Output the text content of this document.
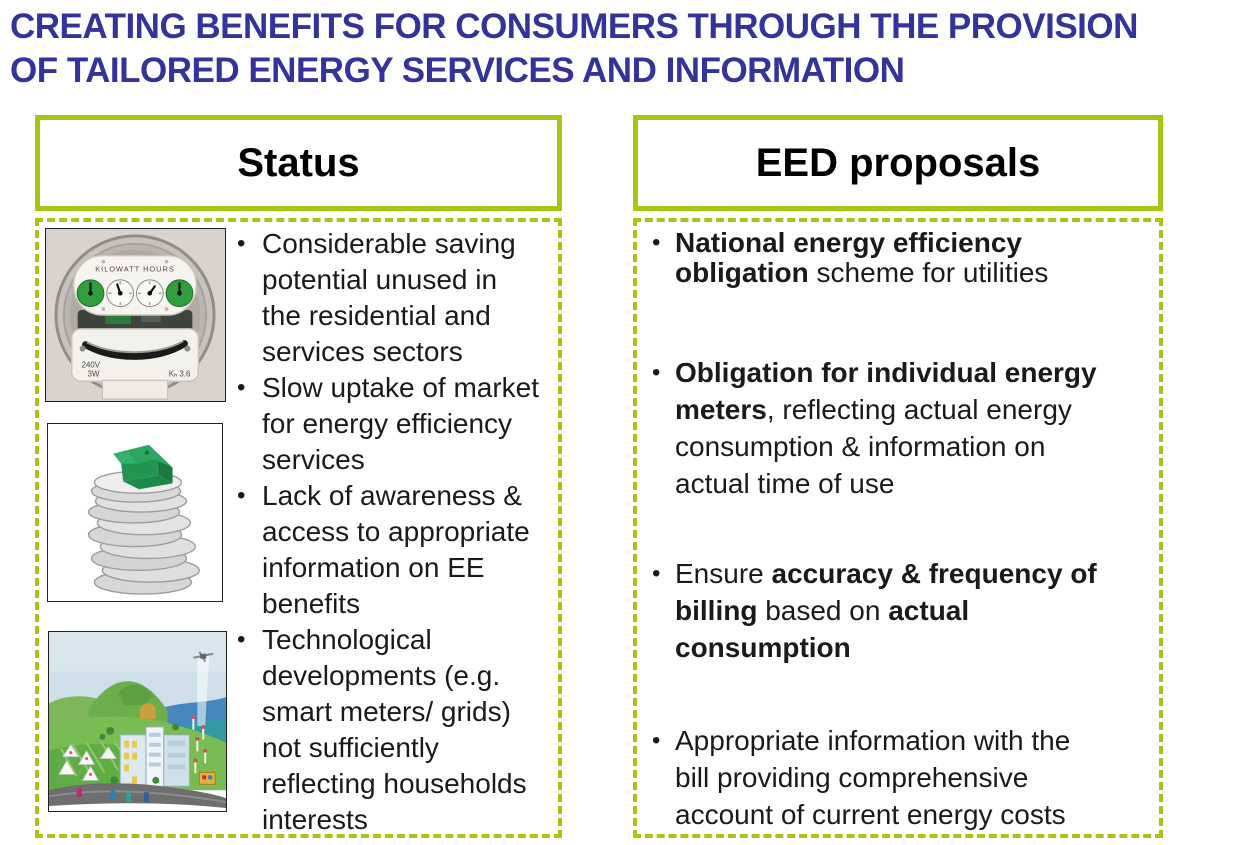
CREATING BENEFITS FOR CONSUMERS THROUGH THE PROVISION
OF TAILORED ENERGY SERVICES AND INFORMATION
Status	EED proposals
KILOWATT HOURS
240V
3W	Kₕ 3.6
• Considerable saving potential unused in the residential and services sectors
• Slow uptake of market for energy efficiency services
• Lack of awareness & access to appropriate information on EE benefits
• Technological developments (e.g. smart meters/ grids) not sufficiently reflecting households interests
• National energy efficiency obligation scheme for utilities
• Obligation for individual energy meters, reflecting actual energy consumption & information on actual time of use
• Ensure accuracy & frequency of billing based on actual consumption
• Appropriate information with the bill providing comprehensive account of current energy costs
